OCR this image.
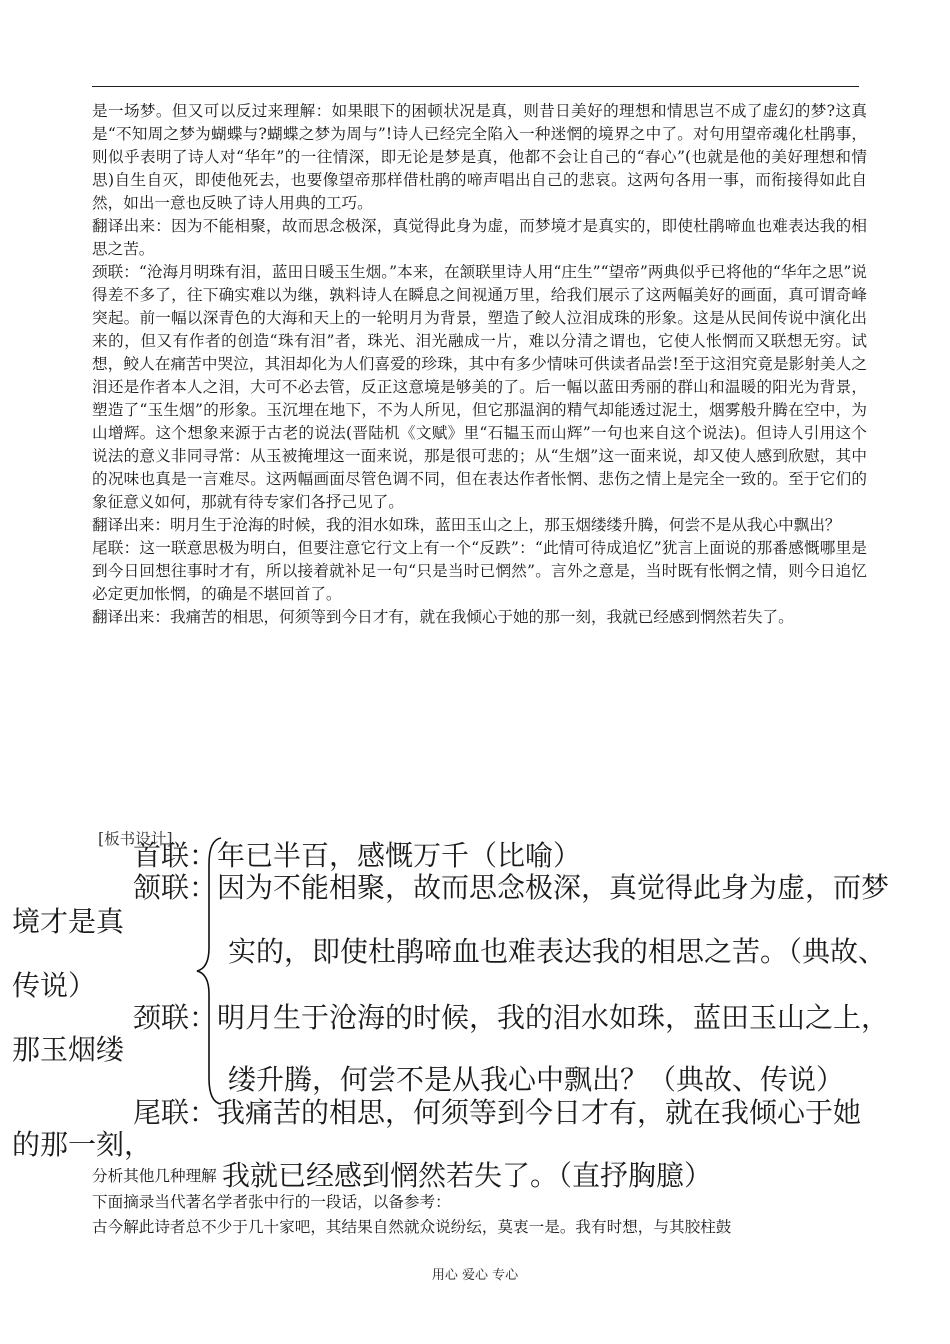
是一场梦。但又可以反过来理解：如果眼下的困顿状况是真，则昔日美好的理想和情思岂不成了虚幻的梦?这真是“不知周之梦为蝴蝶与?蝴蝶之梦为周与”!诗人已经完全陷入一种迷惘的境界之中了。对句用望帝魂化杜鹃事，则似乎表明了诗人对“华年”的一往情深，即无论是梦是真，他都不会让自己的“春心”(也就是他的美好理想和情思)自生自灭，即使他死去，也要像望帝那样借杜鹃的啼声唱出自己的悲哀。这两句各用一事，而衔接得如此自然，如出一意也反映了诗人用典的工巧。

翻译出来：因为不能相聚，故而思念极深，真觉得此身为虚，而梦境才是真实的，即使杜鹃啼血也难表达我的相思之苦。

颈联：“沧海月明珠有泪，蓝田日暖玉生烟。”本来，在颔联里诗人用“庄生”“望帝”两典似乎已将他的“华年之思”说得差不多了，往下确实难以为继，孰料诗人在瞬息之间视通万里，给我们展示了这两幅美好的画面，真可谓奇峰突起。前一幅以深青色的大海和天上的一轮明月为背景，塑造了鲛人泣泪成珠的形象。这是从民间传说中演化出来的，但又有作者的创造“珠有泪”者，珠光、泪光融成一片，难以分清之谓也，它使人怅惘而又联想无穷。试想，鲛人在痛苦中哭泣，其泪却化为人们喜爱的珍珠，其中有多少情味可供读者品尝!至于这泪究竟是影射美人之泪还是作者本人之泪，大可不必去管，反正这意境是够美的了。后一幅以蓝田秀丽的群山和温暖的阳光为背景，塑造了“玉生烟”的形象。玉沉埋在地下，不为人所见，但它那温润的精气却能透过泥土，烟雾般升腾在空中，为山增辉。这个想象来源于古老的说法(晋陆机《文赋》里“石韫玉而山辉”一句也来自这个说法)。但诗人引用这个说法的意义非同寻常：从玉被掩埋这一面来说，那是很可悲的；从“生烟”这一面来说，却又使人感到欣慰，其中的况味也真是一言难尽。这两幅画面尽管色调不同，但在表达作者怅惘、悲伤之情上是完全一致的。至于它们的象征意义如何，那就有待专家们各抒己见了。

翻译出来：明月生于沧海的时候，我的泪水如珠，蓝田玉山之上，那玉烟缕缕升腾，何尝不是从我心中飘出？

尾联：这一联意思极为明白，但要注意它行文上有一个“反跌”：“此情可待成追忆”犹言上面说的那番感慨哪里是到今日回想往事时才有，所以接着就补足一句“只是当时已惘然”。言外之意是，当时既有怅惘之情，则今日追忆必定更加怅惘，的确是不堪回首了。

翻译出来：我痛苦的相思，何须等到今日才有，就在我倾心于她的那一刻，我就已经感到惘然若失了。

[板书设计]
首联：年已半百，感慨万千（比喻）
颔联：因为不能相聚，故而思念极深，真觉得此身为虚，而梦
境才是真
实的，即使杜鹃啼血也难表达我的相思之苦。（典故、
传说）
颈联：明月生于沧海的时候，我的泪水如珠，蓝田玉山之上，
那玉烟缕
缕升腾，何尝不是从我心中飘出？（典故、传说）
尾联：我痛苦的相思，何须等到今日才有，就在我倾心于她
的那一刻，
我就已经感到惘然若失了。（直抒胸臆）
分析其他几种理解
下面摘录当代著名学者张中行的一段话，以备参考：
古今解此诗者总不少于几十家吧，其结果自然就众说纷纭，莫衷一是。我有时想，与其胶柱鼓
用心 爱心 专心
